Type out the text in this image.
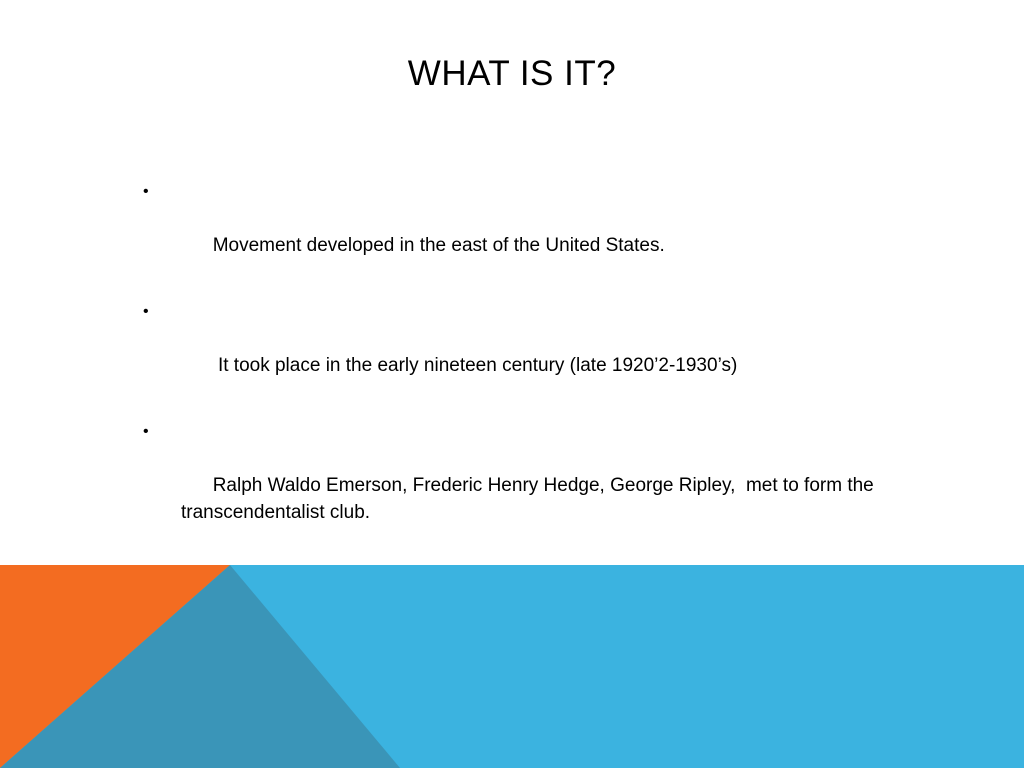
WHAT IS IT?

•

Movement developed in the east of the United States.

•

It took place in the early nineteen century (late 1920’2-1930’s)

•

Ralph Waldo Emerson, Frederic Henry Hedge, George Ripley,  met to form the transcendentalist club.
